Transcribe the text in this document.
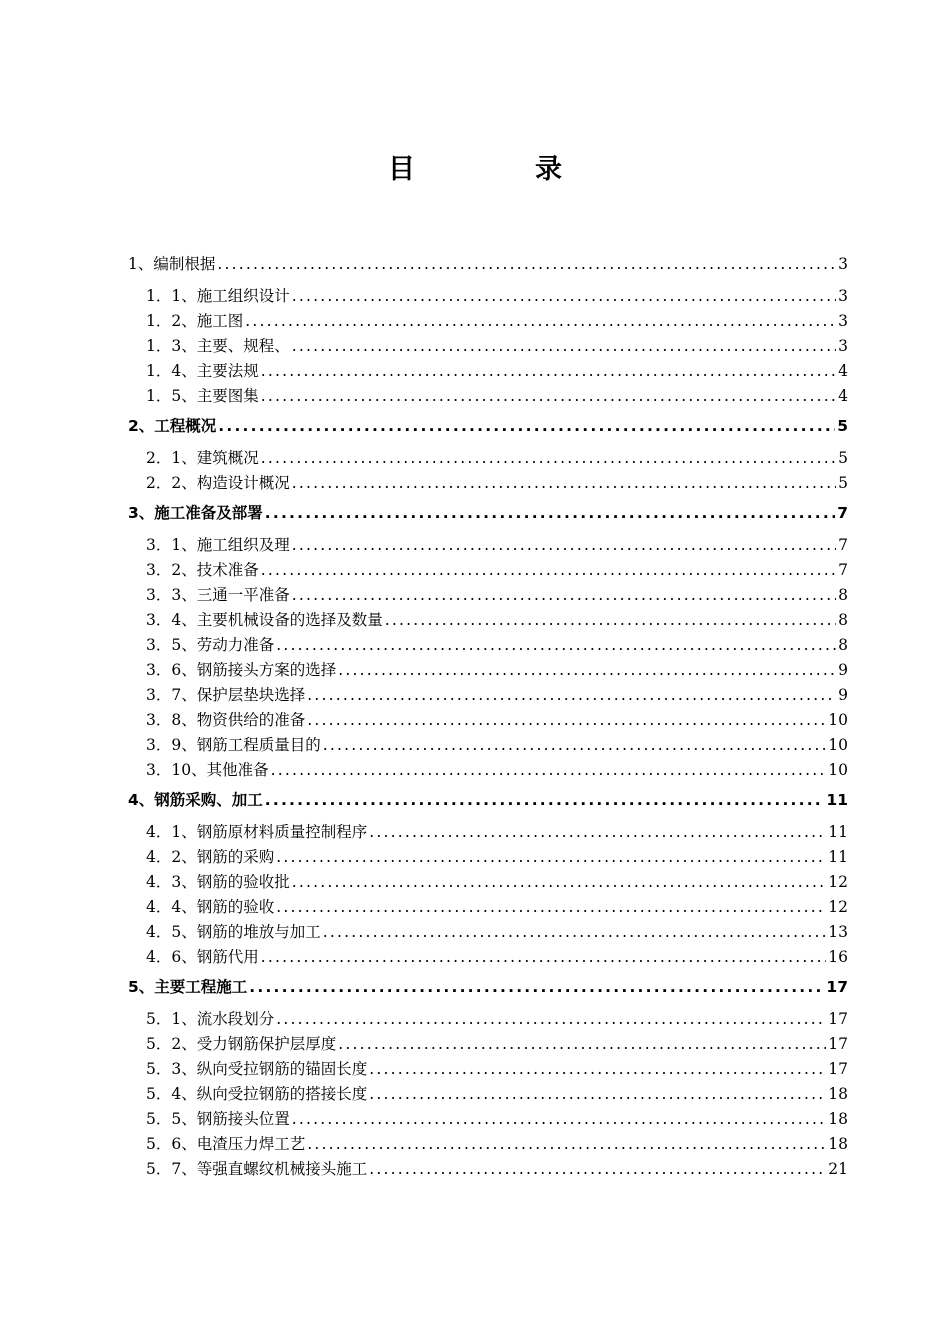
目	录
1、编制根据 .....	3
1．1、施工组织设计 .....	3
1．2、施工图 .....	3
1．3、主要、规程、 .....	3
1．4、主要法规 .....	4
1．5、主要图集 .....	4
2、工程概况 .....	5
2．1、建筑概况 .....	5
2．2、构造设计概况 .....	5
3、施工准备及部署 .....	7
3．1、施工组织及理 .....	7
3．2、技术准备 .....	7
3．3、三通一平准备 .....	8
3．4、主要机械设备的选择及数量 .....	8
3．5、劳动力准备 .....	8
3．6、钢筋接头方案的选择 .....	9
3．7、保护层垫块选择 .....	9
3．8、物资供给的准备 .....	10
3．9、钢筋工程质量目的 .....	10
3．10、其他准备 .....	10
4、钢筋采购、加工 .....	11
4．1、钢筋原材料质量控制程序 .....	11
4．2、钢筋的采购 .....	11
4．3、钢筋的验收批 .....	12
4．4、钢筋的验收 .....	12
4．5、钢筋的堆放与加工 .....	13
4．6、钢筋代用 .....	16
5、主要工程施工 .....	17
5．1、流水段划分 .....	17
5．2、受力钢筋保护层厚度 .....	17
5．3、纵向受拉钢筋的锚固长度 .....	17
5．4、纵向受拉钢筋的搭接长度 .....	18
5．5、钢筋接头位置 .....	18
5．6、电渣压力焊工艺 .....	18
5．7、等强直螺纹机械接头施工 .....	21
